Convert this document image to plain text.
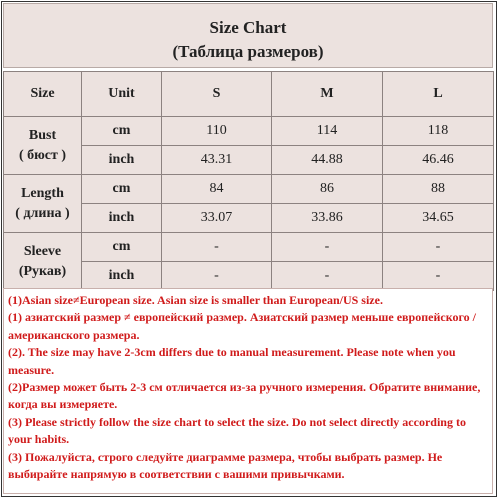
Size Chart
(Таблица размеров)
Size	Unit	S	M	L

Bust
( бюст )	cm	110	114	118
	inch	43.31	44.88	46.46

Length
( длина )	cm	84	86	88
	inch	33.07	33.86	34.65

Sleeve
(Рукав)	cm	-	-	-
	inch	-	-	-
(1)Asian size≠European size. Asian size is smaller than European/US size.
(1) азиатский размер ≠ европейский размер. Азиатский размер меньше европейского / американского размера.
(2). The size may have 2-3cm differs due to manual measurement. Please note when you measure.
(2)Размер может быть 2-3 см отличается из-за ручного измерения. Обратите внимание, когда вы измеряете.
(3) Please strictly follow the size chart to select the size. Do not select directly according to your habits.
(3) Пожалуйста, строго следуйте диаграмме размера, чтобы выбрать размер. Не выбирайте напрямую в соответствии с вашими привычками.
